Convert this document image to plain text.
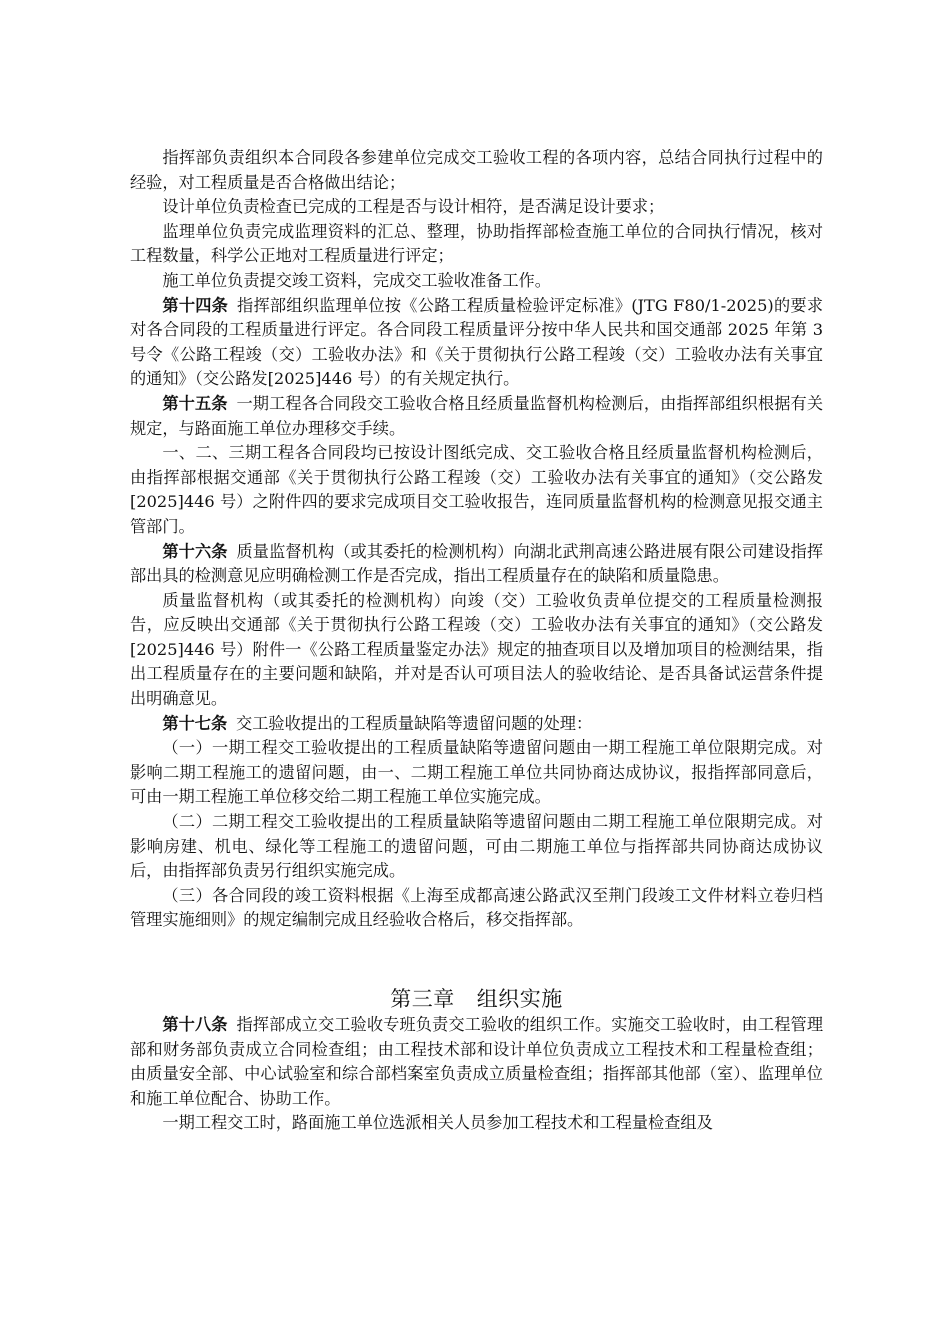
指挥部负责组织本合同段各参建单位完成交工验收工程的各项内容，总结合同执行过程中的经验，对工程质量是否合格做出结论；

设计单位负责检查已完成的工程是否与设计相符，是否满足设计要求；

监理单位负责完成监理资料的汇总、整理，协助指挥部检查施工单位的合同执行情况，核对工程数量，科学公正地对工程质量进行评定；

施工单位负责提交竣工资料，完成交工验收准备工作。

第十四条 指挥部组织监理单位按《公路工程质量检验评定标准》(JTG F80/1-2025)的要求对各合同段的工程质量进行评定。各合同段工程质量评分按中华人民共和国交通部 2025 年第 3 号令《公路工程竣（交）工验收办法》和《关于贯彻执行公路工程竣（交）工验收办法有关事宜的通知》（交公路发[2025]446 号）的有关规定执行。

第十五条 一期工程各合同段交工验收合格且经质量监督机构检测后，由指挥部组织根据有关规定，与路面施工单位办理移交手续。

一、二、三期工程各合同段均已按设计图纸完成、交工验收合格且经质量监督机构检测后，由指挥部根据交通部《关于贯彻执行公路工程竣（交）工验收办法有关事宜的通知》（交公路发[2025]446 号）之附件四的要求完成项目交工验收报告，连同质量监督机构的检测意见报交通主管部门。

第十六条 质量监督机构（或其委托的检测机构）向湖北武荆高速公路进展有限公司建设指挥部出具的检测意见应明确检测工作是否完成，指出工程质量存在的缺陷和质量隐患。

质量监督机构（或其委托的检测机构）向竣（交）工验收负责单位提交的工程质量检测报告，应反映出交通部《关于贯彻执行公路工程竣（交）工验收办法有关事宜的通知》（交公路发[2025]446 号）附件一《公路工程质量鉴定办法》规定的抽查项目以及增加项目的检测结果，指出工程质量存在的主要问题和缺陷，并对是否认可项目法人的验收结论、是否具备试运营条件提出明确意见。

第十七条 交工验收提出的工程质量缺陷等遗留问题的处理：

（一）一期工程交工验收提出的工程质量缺陷等遗留问题由一期工程施工单位限期完成。对影响二期工程施工的遗留问题，由一、二期工程施工单位共同协商达成协议，报指挥部同意后，可由一期工程施工单位移交给二期工程施工单位实施完成。

（二）二期工程交工验收提出的工程质量缺陷等遗留问题由二期工程施工单位限期完成。对影响房建、机电、绿化等工程施工的遗留问题，可由二期施工单位与指挥部共同协商达成协议后，由指挥部负责另行组织实施完成。

（三）各合同段的竣工资料根据《上海至成都高速公路武汉至荆门段竣工文件材料立卷归档管理实施细则》的规定编制完成且经验收合格后，移交指挥部。

第三章 组织实施

第十八条 指挥部成立交工验收专班负责交工验收的组织工作。实施交工验收时，由工程管理部和财务部负责成立合同检查组；由工程技术部和设计单位负责成立工程技术和工程量检查组；由质量安全部、中心试验室和综合部档案室负责成立质量检查组；指挥部其他部（室）、监理单位和施工单位配合、协助工作。

一期工程交工时，路面施工单位选派相关人员参加工程技术和工程量检查组及
